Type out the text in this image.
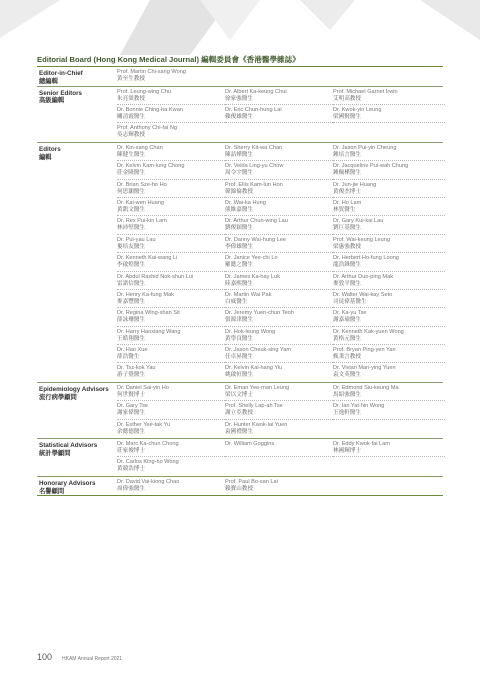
Editorial Board (Hong Kong Medical Journal) 編輯委員會《香港醫學雜誌》
Editor-in-Chief
總編輯
Prof. Martin Chi-sang Wong
黃至生教授
Senior Editors
高級編輯
Prof. Leung-wing Chu
朱亮榮教授
Dr. Albert Ka-keung Chui
徐家強醫生
Prof. Michael Garnet Irwin
艾明高教授
Dr. Bonnie Ching-ha Kwan
關清霞醫生
Dr. Eric Chun-hung Lai
賴俊雄醫生
Dr. Kwok-yin Leung
梁國賢醫生
Prof. Anthony Chi-fai Ng
吳志輝教授
Editors
編輯
Dr. Kin-sang Chan
陳健生醫生
Dr. Sherry Kit-wa Chan
陳喆燁醫生
Dr. Jason Pui-yin Cheung
鍾培言醫生
Dr. Kelvin Kam-lung Chong
莊金隆醫生
Dr. Velda Ling-yu Chow
周令宇醫生
Dr. Jacqueline Pui-wah Chung
鍾佩樺醫生
Dr. Brian Sze-ho Ho
何思灝醫生
Prof. Ellis Kam-lun Hon
韓錦倫教授
Dr. Jun-jie Huang
黃俊杰博士
Dr. Kai-wen Huang
黃凱文醫生
Dr. Wai-ka Hung
熊維嘉醫生
Dr. Ho Lam
林賀醫生
Dr. Rex Pui-kin Lam
林沛堅醫生
Dr. Arthur Chun-wing Lau
劉俊穎醫生
Dr. Gary Kui-kai Lau
劉巨基醫生
Dr. Pui-yau Lau
婁培友醫生
Dr. Danny Wai-hung Lee
李偉雄醫生
Prof. Wai-keung Leung
梁惠強教授
Dr. Kenneth Kai-wang Li
李啟煌醫生
Dr. Janice Yee-chi Lo
羅懿之醫生
Dr. Herbert Ho-fung Loong
龍浩鋒醫生
Dr. Abdul Rashid Nok-shun Lui
雷諾信醫生
Dr. James Ka-hay Luk
陸嘉熙醫生
Dr. Arthur Dun-ping Mak
麥敦平醫生
Dr. Henry Ka-fung Mak
麥嘉豐醫生
Dr. Martin Wai Pak
白威醫生
Dr. Walter Wai-kay Seto
司徒偉基醫生
Dr. Regina Wing-shan Sit
薛詠珊醫生
Dr. Jeremy Yuen-chun Teoh
張源津醫生
Dr. Ka-yu Tse
謝嘉瑜醫生
Dr. Harry Haoxiang Wang
王皓翔醫生
Dr. Hok-leung Wong
黃學良醫生
Dr. Kenneth Kak-yuen Wong
黃格元醫生
Dr. Hao Xue
薛浩醫生
Dr. Jason Cheuk-sing Yam
任卓昇醫生
Prof. Bryan Ping-yen Yan
甄秉言教授
Dr. Tsz-kok Yau
游子覺醫生
Dr. Kelvin Kai-hang Yiu
姚啟恒醫生
Dr. Vivian Man-ying Yuen
袁文英醫生
Epidemiology Advisors
流行病學顧問
Dr. Daniel Sai-yin Ho
何世賢博士
Dr. Eman Yee-man Leung
梁以文博士
Dr. Edmond Siu-keung Ma
馬紹強醫生
Dr. Gary Tse
謝家偉醫生
Prof. Shelly Lap-ah Tse
謝立亞教授
Dr. Ian Yat-hin Wong
王逸軒醫生
Dr. Esther Yee-tak Yu
余懿德醫生
Dr. Hunter Kwok-lai Yuen
袁國禮醫生
Statistical Advisors
統計學顧問
Dr. Marc Ka-chun Chong
莊家俊博士
Dr. William Goggins	Dr. Eddy Kwok-fai Lam
林國輝博士
Dr. Carlos King-ho Wong
黃競浩博士
Honorary Advisors
名譽顧問
Dr. David Vai-kiong Chao
周偉強醫生
Prof. Paul Bo-san Lai
賴寶山教授
100 HKAM Annual Report 2021
